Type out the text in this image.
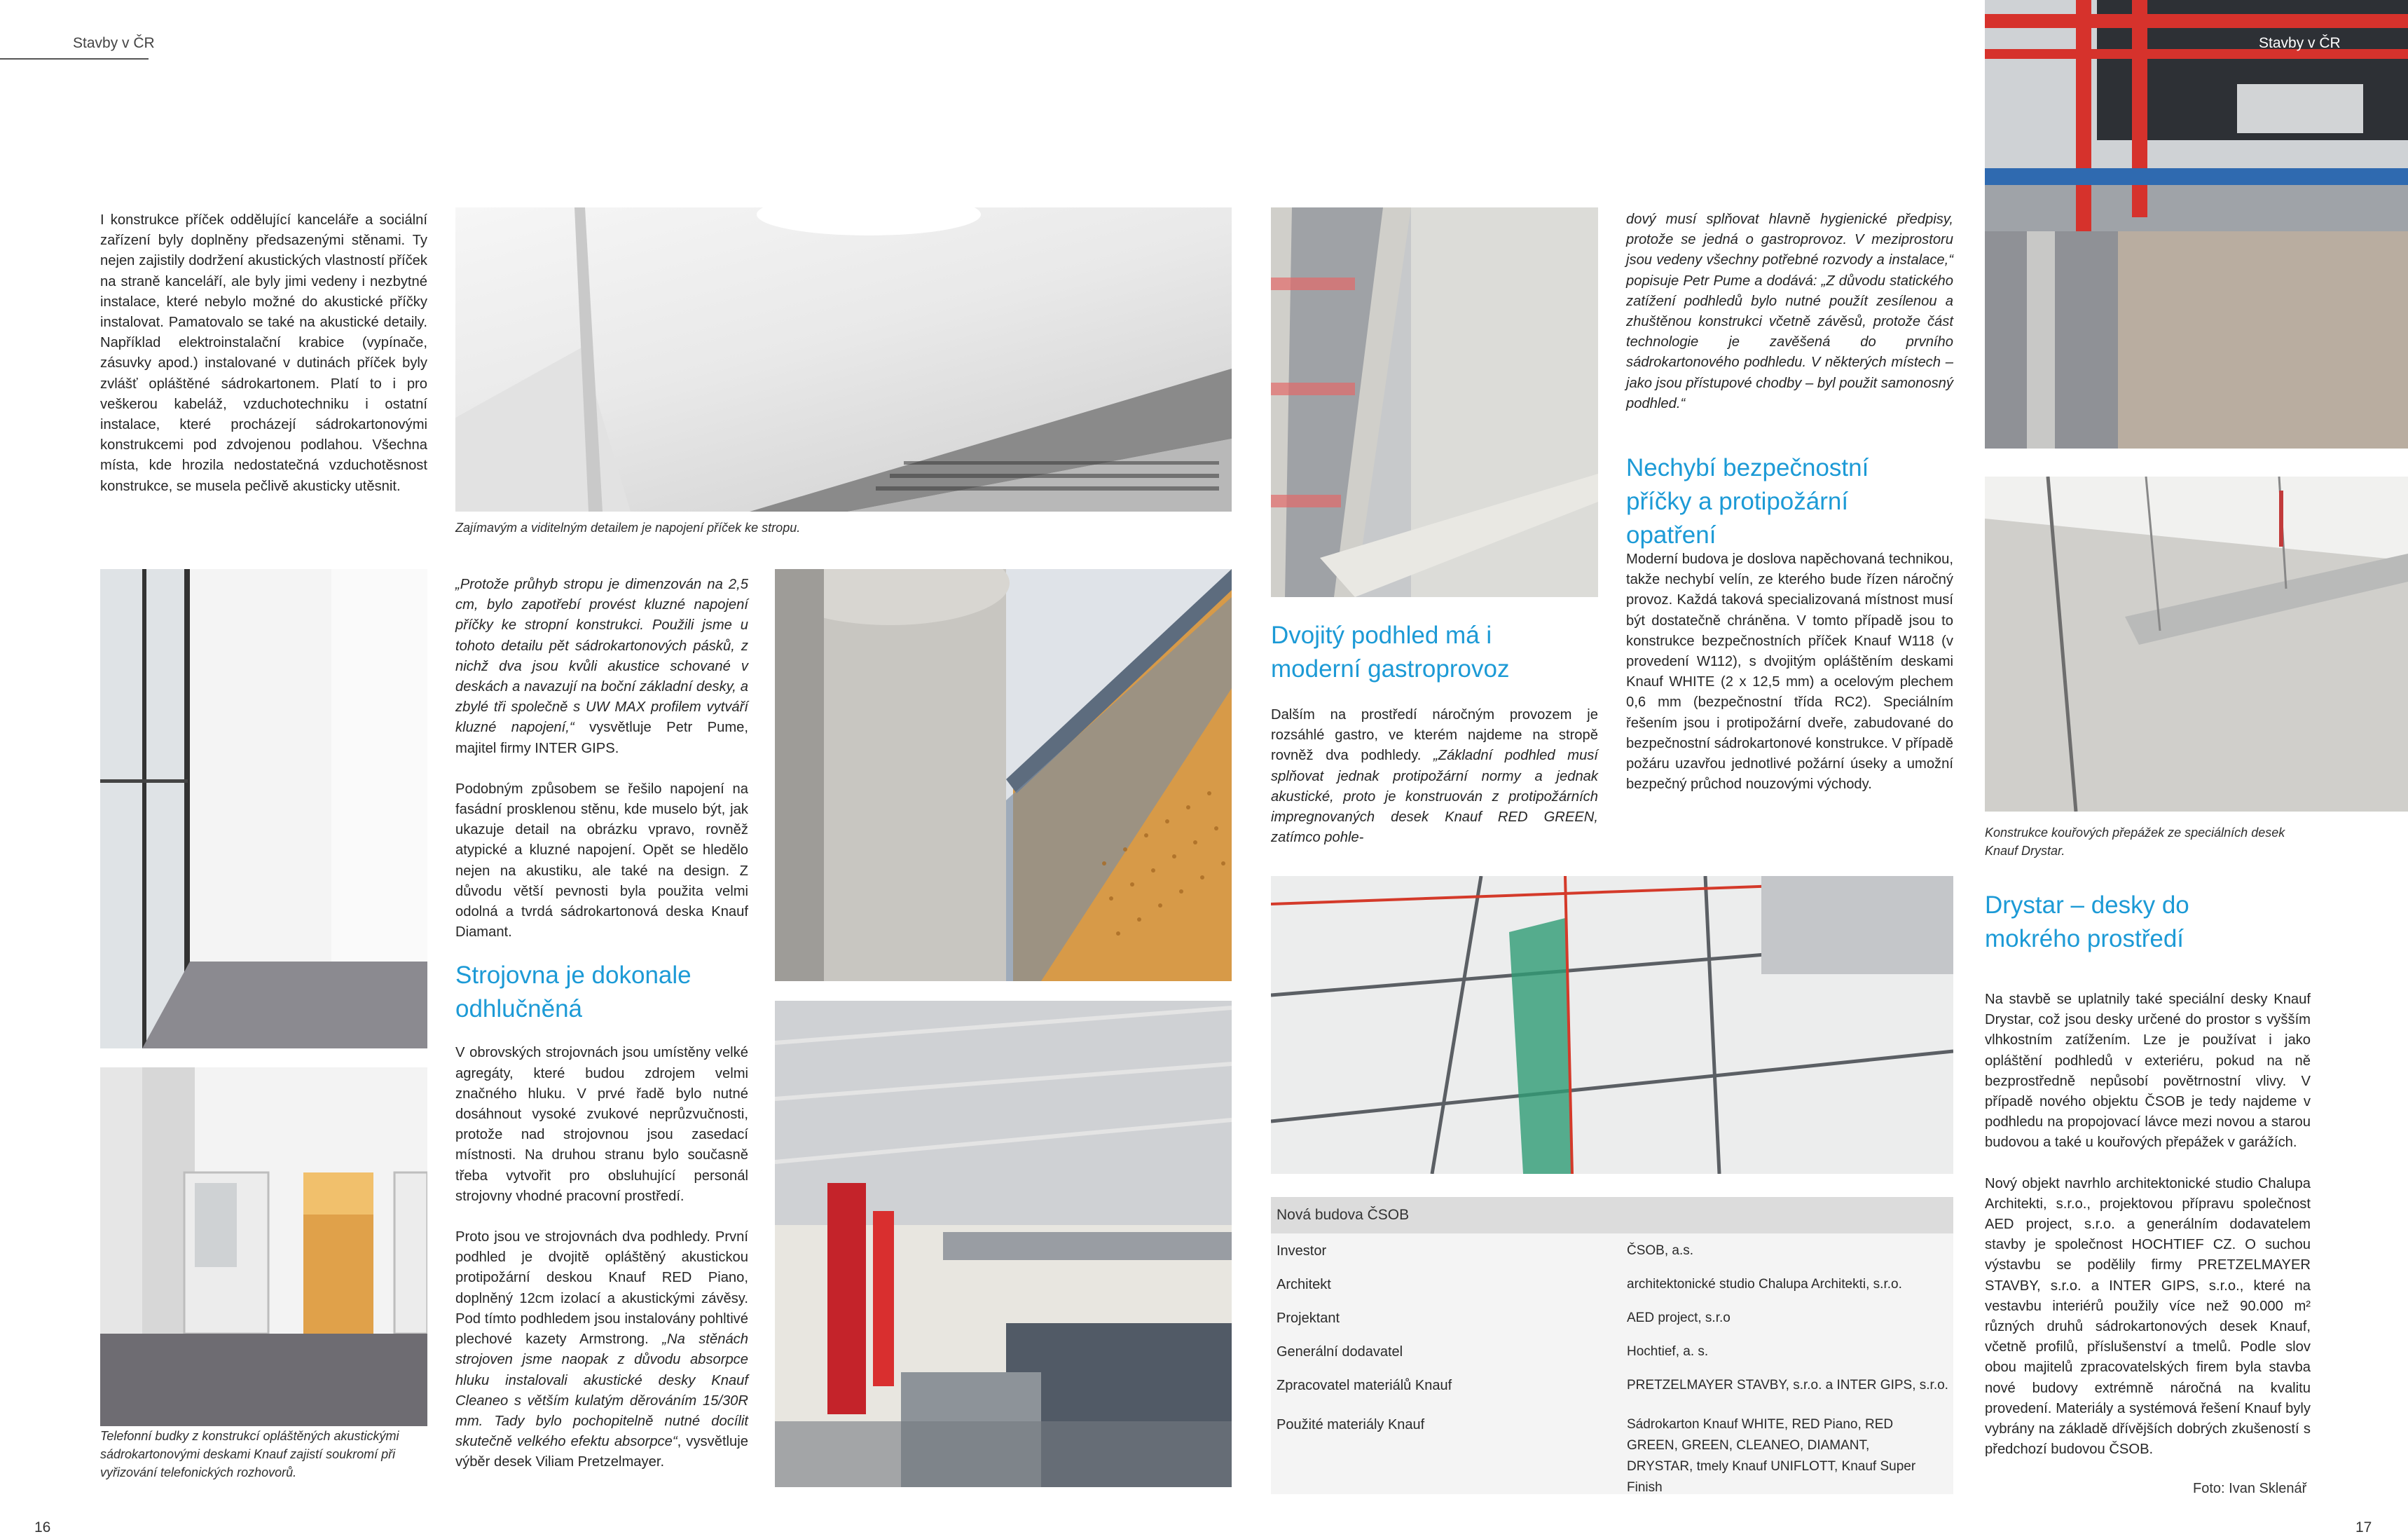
Stavby v ČR
I konstrukce příček oddělující kanceláře a sociální zařízení byly doplněny předsazenými stěnami. Ty nejen zajistily dodržení akustických vlastností příček na straně kanceláří, ale byly jimi vedeny i nezbytné instalace, které nebylo možné do akustické příčky instalovat. Pamatovalo se také na akustické detaily. Například elektroinstalační krabice (vypínače, zásuvky apod.) instalované v dutinách příček byly zvlášť opláštěné sádrokartonem. Platí to i pro veškerou kabeláž, vzduchotechniku i ostatní instalace, které procházejí sádrokartonovými konstrukcemi pod zdvojenou podlahou. Všechna místa, kde hrozila nedostatečná vzduchotěsnost konstrukce, se musela pečlivě akusticky utěsnit.
Zajímavým a viditelným detailem je napojení příček ke stropu.
Telefonní budky z konstrukcí opláštěných akustickými sádrokartonovými deskami Knauf zajistí soukromí při vyřizování telefonických rozhovorů.

„Protože průhyb stropu je dimenzován na 2,5 cm, bylo zapotřebí provést kluzné napojení příčky ke stropní konstrukci. Použili jsme u tohoto detailu pět sádrokartonových pásků, z nichž dva jsou kvůli akustice schované v deskách a navazují na boční základní desky, a zbylé tři společně s UW MAX profilem vytváří kluzné napojení,“ vysvětluje Petr Pume, majitel firmy INTER GIPS.

Podobným způsobem se řešilo napojení na fasádní prosklenou stěnu, kde muselo být, jak ukazuje detail na obrázku vpravo, rovněž atypické a kluzné napojení. Opět se hledělo nejen na akustiku, ale také na design. Z důvodu větší pevnosti byla použita velmi odolná a tvrdá sádrokartonová deska Knauf Diamant.

Strojovna je dokonale odhlučněná

V obrovských strojovnách jsou umístěny velké agregáty, které budou zdrojem velmi značného hluku. V prvé řadě bylo nutné dosáhnout vysoké zvukové neprůzvučnosti, protože nad strojovnou jsou zasedací místnosti. Na druhou stranu bylo současně třeba vytvořit pro obsluhující personál strojovny vhodné pracovní prostředí.

Proto jsou ve strojovnách dva podhledy. První podhled je dvojitě opláštěný akustickou protipožární deskou Knauf RED Piano, doplněný 12cm izolací a akustickými závěsy. Pod tímto podhledem jsou instalovány pohltivé plechové kazety Armstrong. „Na stěnách strojoven jsme naopak z důvodu absorpce hluku instalovali akustické desky Knauf Cleaneo s větším kulatým děrováním 15/30R mm. Tady bylo pochopitelně nutné docílit skutečně velkého efektu absorpce“, vysvětluje výběr desek Viliam Pretzelmayer.

16
Stavby v ČR
Konstrukce kouřových přepážek ze speciálních desek Knauf Drystar.
Drystar – desky do mokrého prostředí

Na stavbě se uplatnily také speciální desky Knauf Drystar, což jsou desky určené do prostor s vyšším vlhkostním zatížením. Lze je používat i jako opláštění podhledů v exteriéru, pokud na ně bezprostředně nepůsobí povětrnostní vlivy. V případě nového objektu ČSOB je tedy najdeme v podhledu na propojovací lávce mezi novou a starou budovou a také u kouřových přepážek v garážích.

Nový objekt navrhlo architektonické studio Chalupa Architekti, s.r.o., projektovou přípravu společnost AED project, s.r.o. a generálním dodavatelem stavby je společnost HOCHTIEF CZ. O suchou výstavbu se podělily firmy PRETZELMAYER STAVBY, s.r.o. a INTER GIPS, s.r.o., které na vestavbu interiérů použily více než 90.000 m² různých druhů sádrokartonových desek Knauf, včetně profilů, příslušenství a tmelů. Podle slov obou majitelů zpracovatelských firem byla stavba nové budovy extrémně náročná na kvalitu provedení. Materiály a systémová řešení Knauf byly vybrány na základě dřívějších dobrých zkušeností s předchozí budovou ČSOB.

Foto: Ivan Sklenář
Dvojitý podhled má i moderní gastroprovoz
Dalším na prostředí náročným provozem je rozsáhlé gastro, ve kterém najdeme na stropě rovněž dva podhledy. „Základní podhled musí splňovat jednak protipožární normy a jednak akustické, proto je konstruován z protipožárních impregnovaných desek Knauf RED GREEN, zatímco pohle-
dový musí splňovat hlavně hygienické předpisy, protože se jedná o gastroprovoz. V meziprostoru jsou vedeny všechny potřebné rozvody a instalace,“ popisuje Petr Pume a dodává: „Z důvodu statického zatížení podhledů bylo nutné použít zesílenou a zhuštěnou konstrukci včetně závěsů, protože část technologie je zavěšená do prvního sádrokartonového podhledu. V některých místech – jako jsou přístupové chodby – byl použit samonosný podhled.“
Nechybí bezpečnostní příčky a protipožární opatření
Moderní budova je doslova napěchovaná technikou, takže nechybí velín, ze kterého bude řízen náročný provoz. Každá taková specializovaná místnost musí být dostatečně chráněna. V tomto případě jsou to konstrukce bezpečnostních příček Knauf W118 (v provedení W112), s dvojitým opláštěním deskami Knauf WHITE (2 x 12,5 mm) a ocelovým plechem 0,6 mm (bezpečnostní třída RC2). Speciálním řešením jsou i protipožární dveře, zabudované do bezpečnostní sádrokartonové konstrukce. V případě požáru uzavřou jednotlivé požární úseky a umožní bezpečný průchod nouzovými východy.
Nová budova ČSOB
Investor	ČSOB, a.s.
Architekt	architektonické studio Chalupa Architekti, s.r.o.
Projektant	AED project, s.r.o
Generální dodavatel	Hochtief, a. s.
Zpracovatel materiálů Knauf	PRETZELMAYER STAVBY, s.r.o. a INTER GIPS, s.r.o.
Použité materiály Knauf	Sádrokarton Knauf WHITE, RED Piano, RED GREEN, GREEN, CLEANEO, DIAMANT, DRYSTAR, tmely Knauf UNIFLOTT, Knauf Super Finish
17
